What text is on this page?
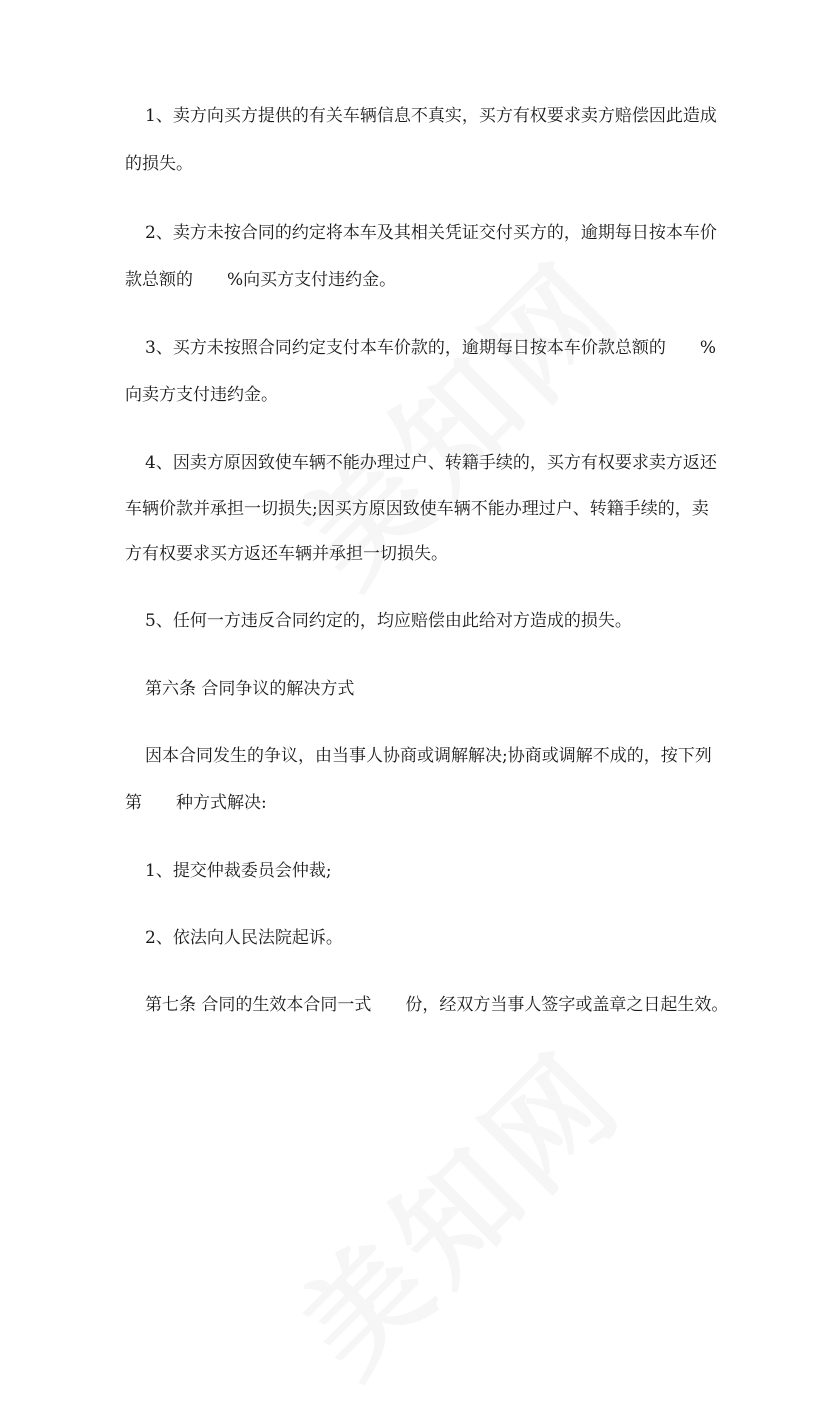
1、卖方向买方提供的有关车辆信息不真实，买方有权要求卖方赔偿因此造成
的损失。
2、卖方未按合同的约定将本车及其相关凭证交付买方的，逾期每日按本车价
款总额的　　%向买方支付违约金。
3、买方未按照合同约定支付本车价款的，逾期每日按本车价款总额的　　%
向卖方支付违约金。
4、因卖方原因致使车辆不能办理过户、转籍手续的，买方有权要求卖方返还
车辆价款并承担一切损失;因买方原因致使车辆不能办理过户、转籍手续的，卖
方有权要求买方返还车辆并承担一切损失。
5、任何一方违反合同约定的，均应赔偿由此给对方造成的损失。
第六条 合同争议的解决方式
因本合同发生的争议，由当事人协商或调解解决;协商或调解不成的，按下列
第　　种方式解决:
1、提交仲裁委员会仲裁;
2、依法向人民法院起诉。
第七条 合同的生效本合同一式　　份，经双方当事人签字或盖章之日起生效。
